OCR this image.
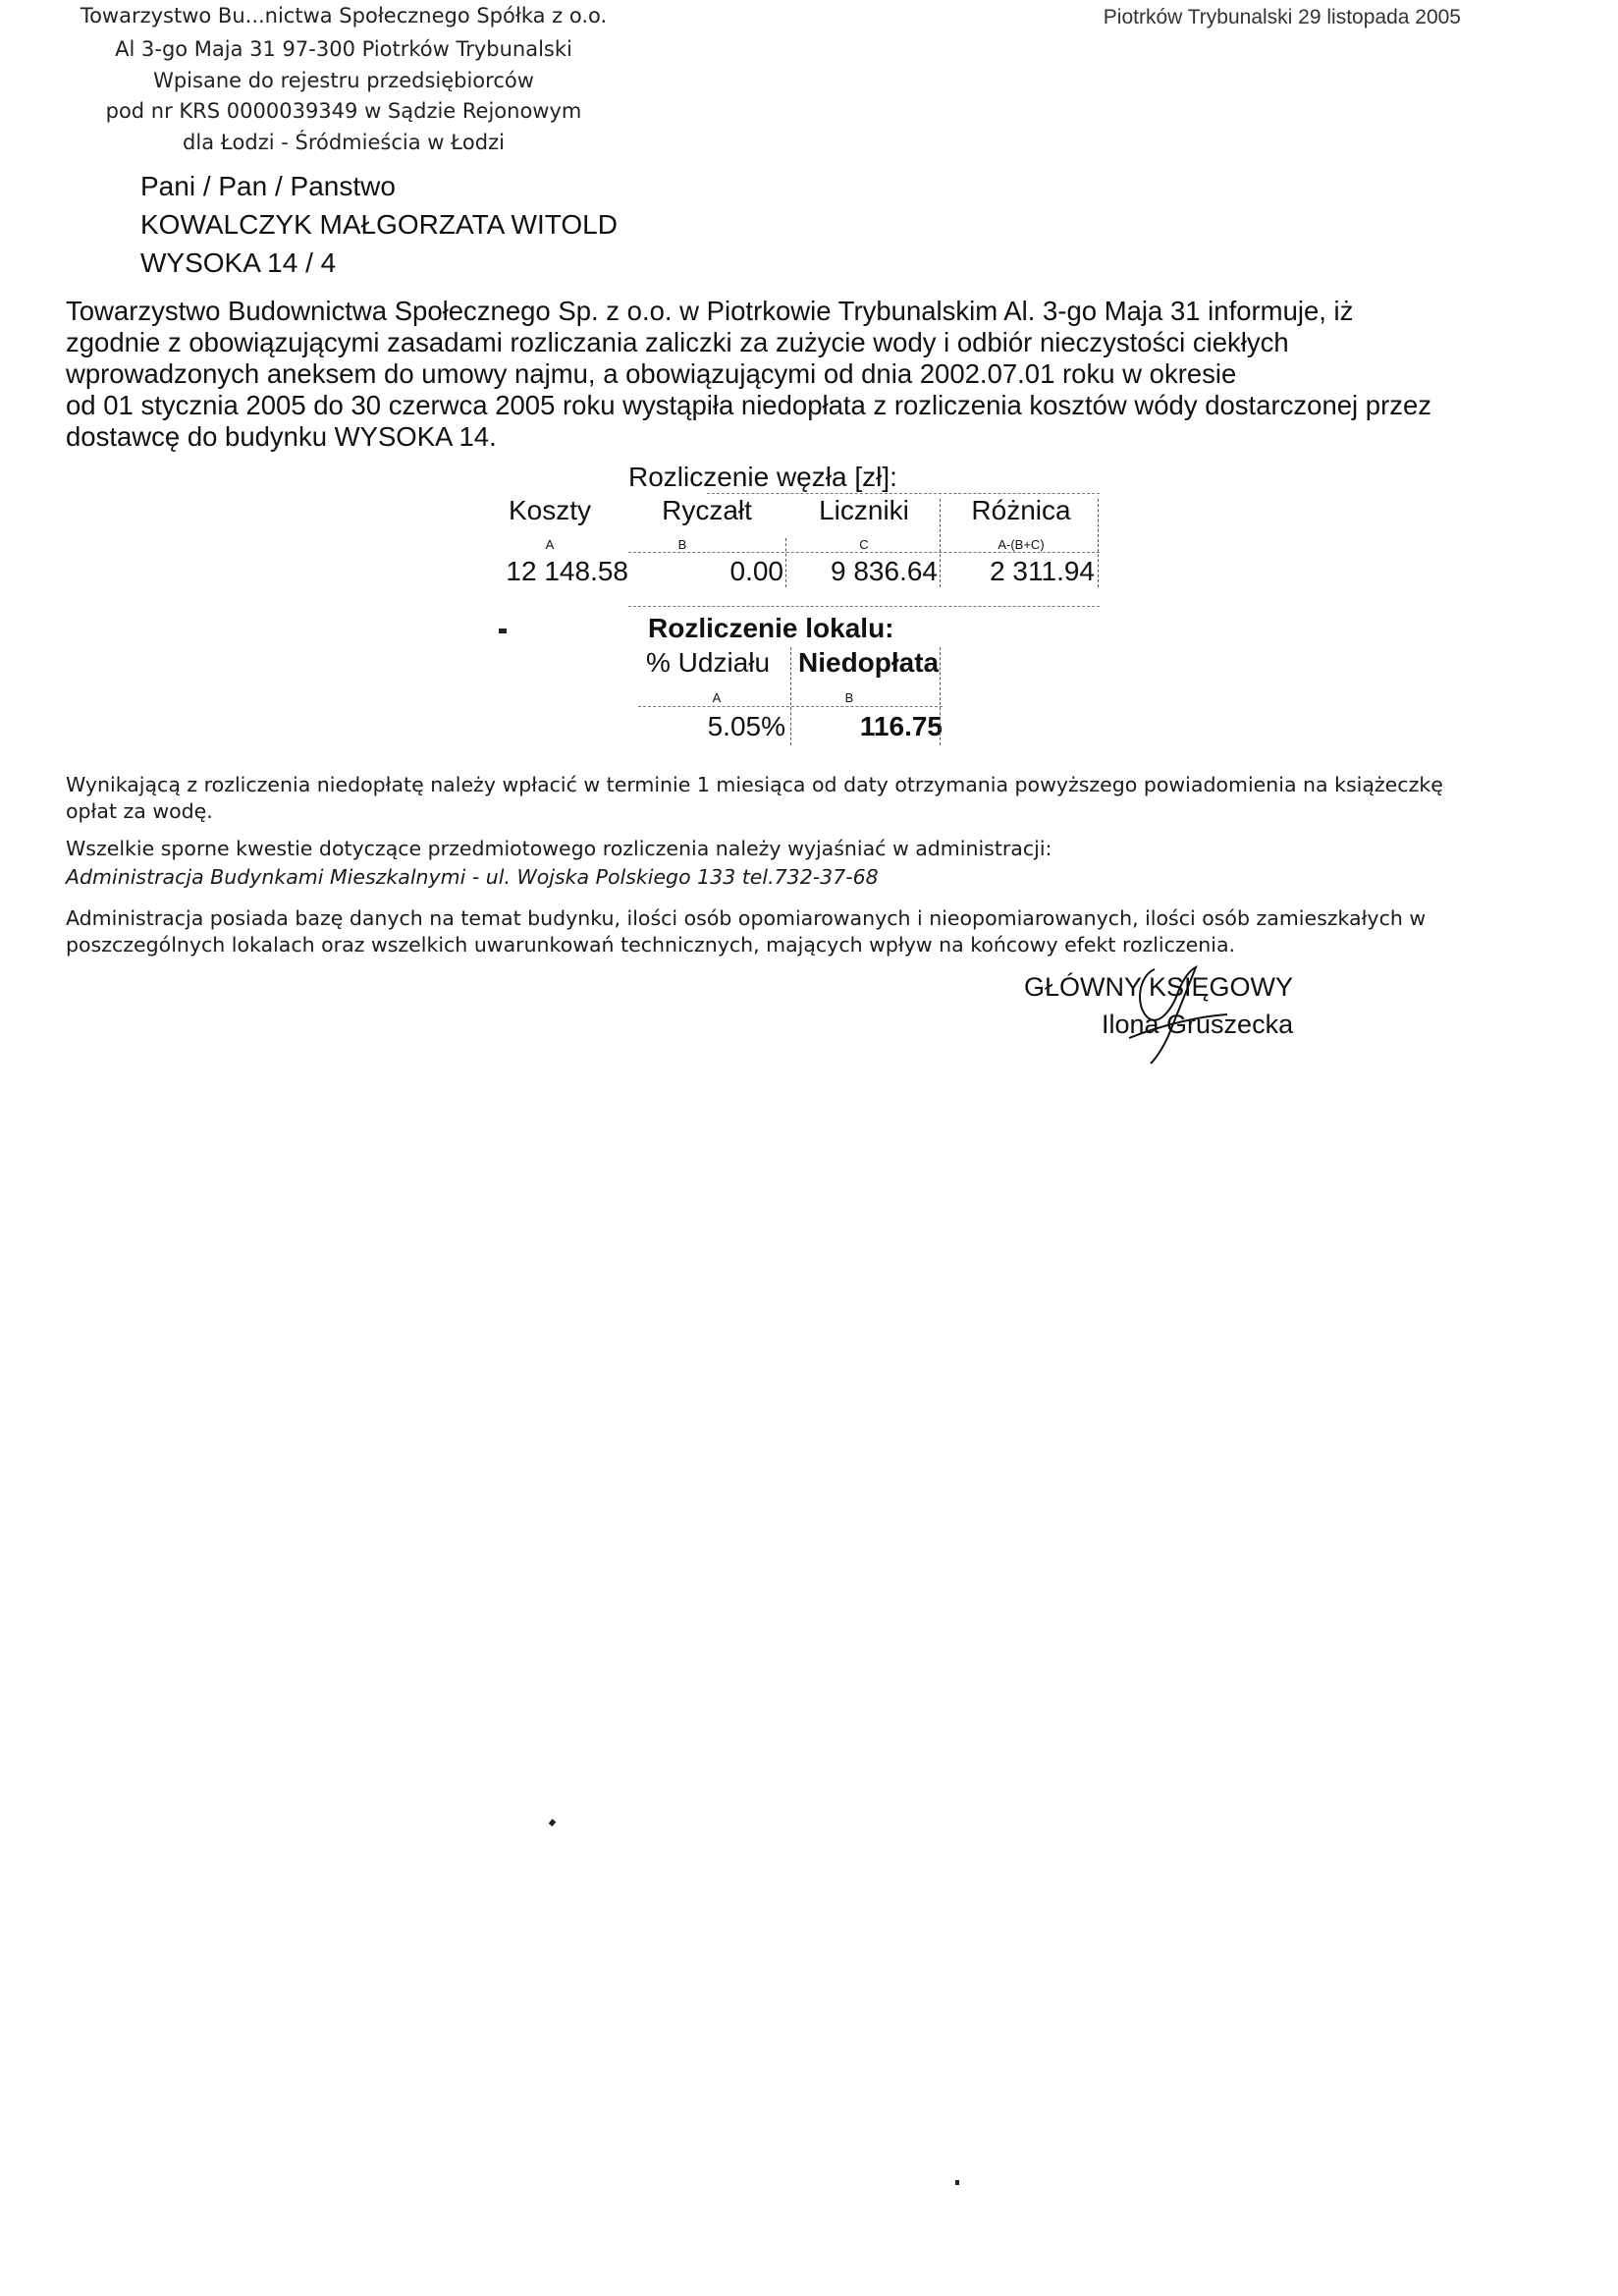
Towarzystwo Bu...nictwa Społecznego Spółka z o.o.
Al 3-go Maja 31 97-300 Piotrków Trybunalski
Wpisane do rejestru przedsiębiorców
pod nr KRS 0000039349 w Sądzie Rejonowym
dla Łodzi - Śródmieścia w Łodzi
Piotrków Trybunalski 29 listopada 2005
Pani / Pan / Panstwo
KOWALCZYK MAŁGORZATA WITOLD
WYSOKA 14 / 4
Towarzystwo Budownictwa Społecznego Sp. z o.o. w Piotrkowie Trybunalskim Al. 3-go Maja 31 informuje, iż
zgodnie z obowiązującymi zasadami rozliczania zaliczki za zużycie wody i odbiór nieczystości ciekłych
wprowadzonych aneksem do umowy najmu, a obowiązującymi od dnia 2002.07.01 roku w okresie
od 01 stycznia 2005 do 30 czerwca 2005 roku wystąpiła niedopłata z rozliczenia kosztów wódy dostarczonej przez
dostawcę do budynku WYSOKA 14.
Rozliczenie węzła [zł]:
Koszty	Ryczałt	Liczniki	Różnica
A	B	C	A-(B+C)
12 148.58	0.00	9 836.64	2 311.94
Rozliczenie lokalu:
% Udziału Niedopłata
A	B
5.05%	116.75
Wynikającą z rozliczenia niedopłatę należy wpłacić w terminie 1 miesiąca od daty otrzymania powyższego powiadomienia na książeczkę opłat za wodę.
Wszelkie sporne kwestie dotyczące przedmiotowego rozliczenia należy wyjaśniać w administracji:
Administracja Budynkami Mieszkalnymi - ul. Wojska Polskiego 133 tel.732-37-68
Administracja posiada bazę danych na temat budynku, ilości osób opomiarowanych i nieopomiarowanych, ilości osób zamieszkałych w poszczególnych lokalach oraz wszelkich uwarunkowań technicznych, mających wpływ na końcowy efekt rozliczenia.
GŁÓWNY KSIĘGOWY
Ilona Gruszecka
